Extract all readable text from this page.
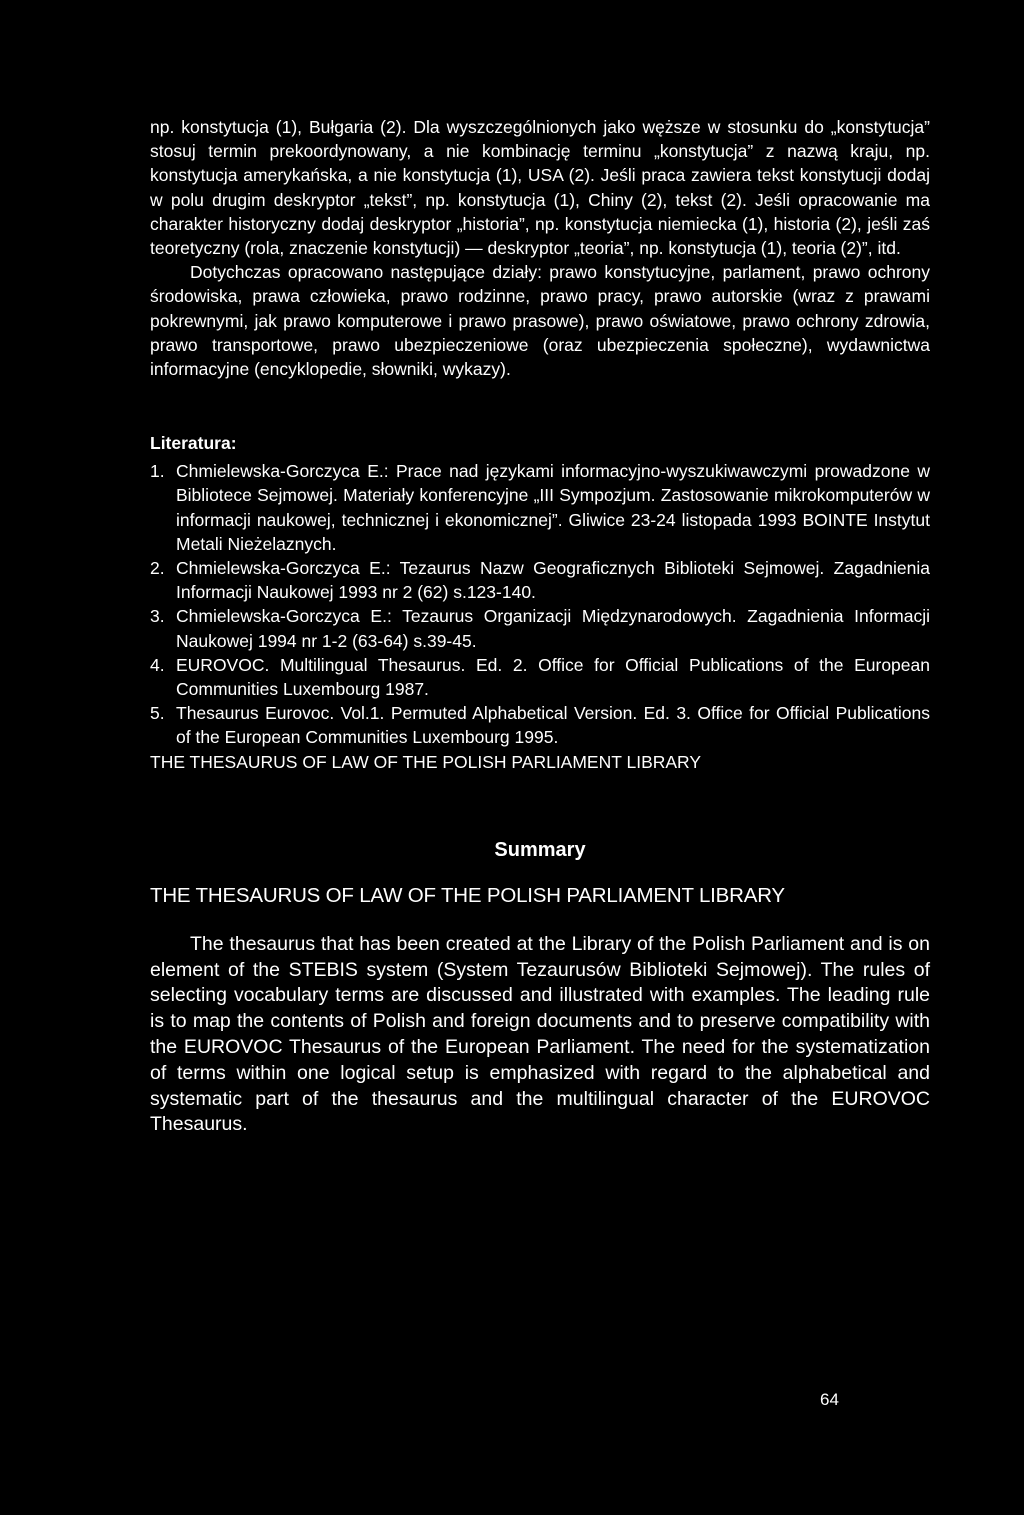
np. konstytucja (1), Bułgaria (2). Dla wyszczególnionych jako węższe w stosunku do „konstytucja” stosuj termin prekoordynowany, a nie kombinację terminu „konstytucja” z nazwą kraju, np. konstytucja amerykańska, a nie konstytucja (1), USA (2). Jeśli praca zawiera tekst konstytucji dodaj w polu drugim deskryptor „tekst”, np. konstytucja (1), Chiny (2), tekst (2). Jeśli opracowanie ma charakter historyczny dodaj deskryptor „historia”, np. konstytucja niemiecka (1), historia (2), jeśli zaś teoretyczny (rola, znaczenie konstytucji) — deskryptor „teoria”, np. konstytucja (1), teoria (2)”, itd.

Dotychczas opracowano następujące działy: prawo konstytucyjne, parlament, prawo ochrony środowiska, prawa człowieka, prawo rodzinne, prawo pracy, prawo autorskie (wraz z prawami pokrewnymi, jak prawo komputerowe i prawo prasowe), prawo oświatowe, prawo ochrony zdrowia, prawo transportowe, prawo ubezpieczeniowe (oraz ubezpieczenia społeczne), wydawnictwa informacyjne (encyklopedie, słowniki, wykazy).

Literatura:
1. Chmielewska-Gorczyca E.: Prace nad językami informacyjno-wyszukiwawczymi prowadzone w Bibliotece Sejmowej. Materiały konferencyjne „III Sympozjum. Zastosowanie mikrokomputerów w informacji naukowej, technicznej i ekonomicznej”. Gliwice 23-24 listopada 1993 BOINTE Instytut Metali Nieżelaznych.
2. Chmielewska-Gorczyca E.: Tezaurus Nazw Geograficznych Biblioteki Sejmowej. Zagadnienia Informacji Naukowej 1993 nr 2 (62) s.123-140.
3. Chmielewska-Gorczyca E.: Tezaurus Organizacji Międzynarodowych. Zagadnienia Informacji Naukowej 1994 nr 1-2 (63-64) s.39-45.
4. EUROVOC. Multilingual Thesaurus. Ed. 2. Office for Official Publications of the European Communities Luxembourg 1987.
5. Thesaurus Eurovoc. Vol.1. Permuted Alphabetical Version. Ed. 3. Office for Official Publications of the European Communities Luxembourg 1995.

THE THESAURUS OF LAW OF THE POLISH PARLIAMENT LIBRARY

Summary

THE THESAURUS OF LAW OF THE POLISH PARLIAMENT LIBRARY

The thesaurus that has been created at the Library of the Polish Parliament and is on element of the STEBIS system (System Tezaurusów Biblioteki Sejmowej). The rules of selecting vocabulary terms are discussed and illustrated with examples. The leading rule is to map the contents of Polish and foreign documents and to preserve compatibility with the EUROVOC Thesaurus of the European Parliament. The need for the systematization of terms within one logical setup is emphasized with regard to the alphabetical and systematic part of the thesaurus and the multilingual character of the EUROVOC Thesaurus.

64
